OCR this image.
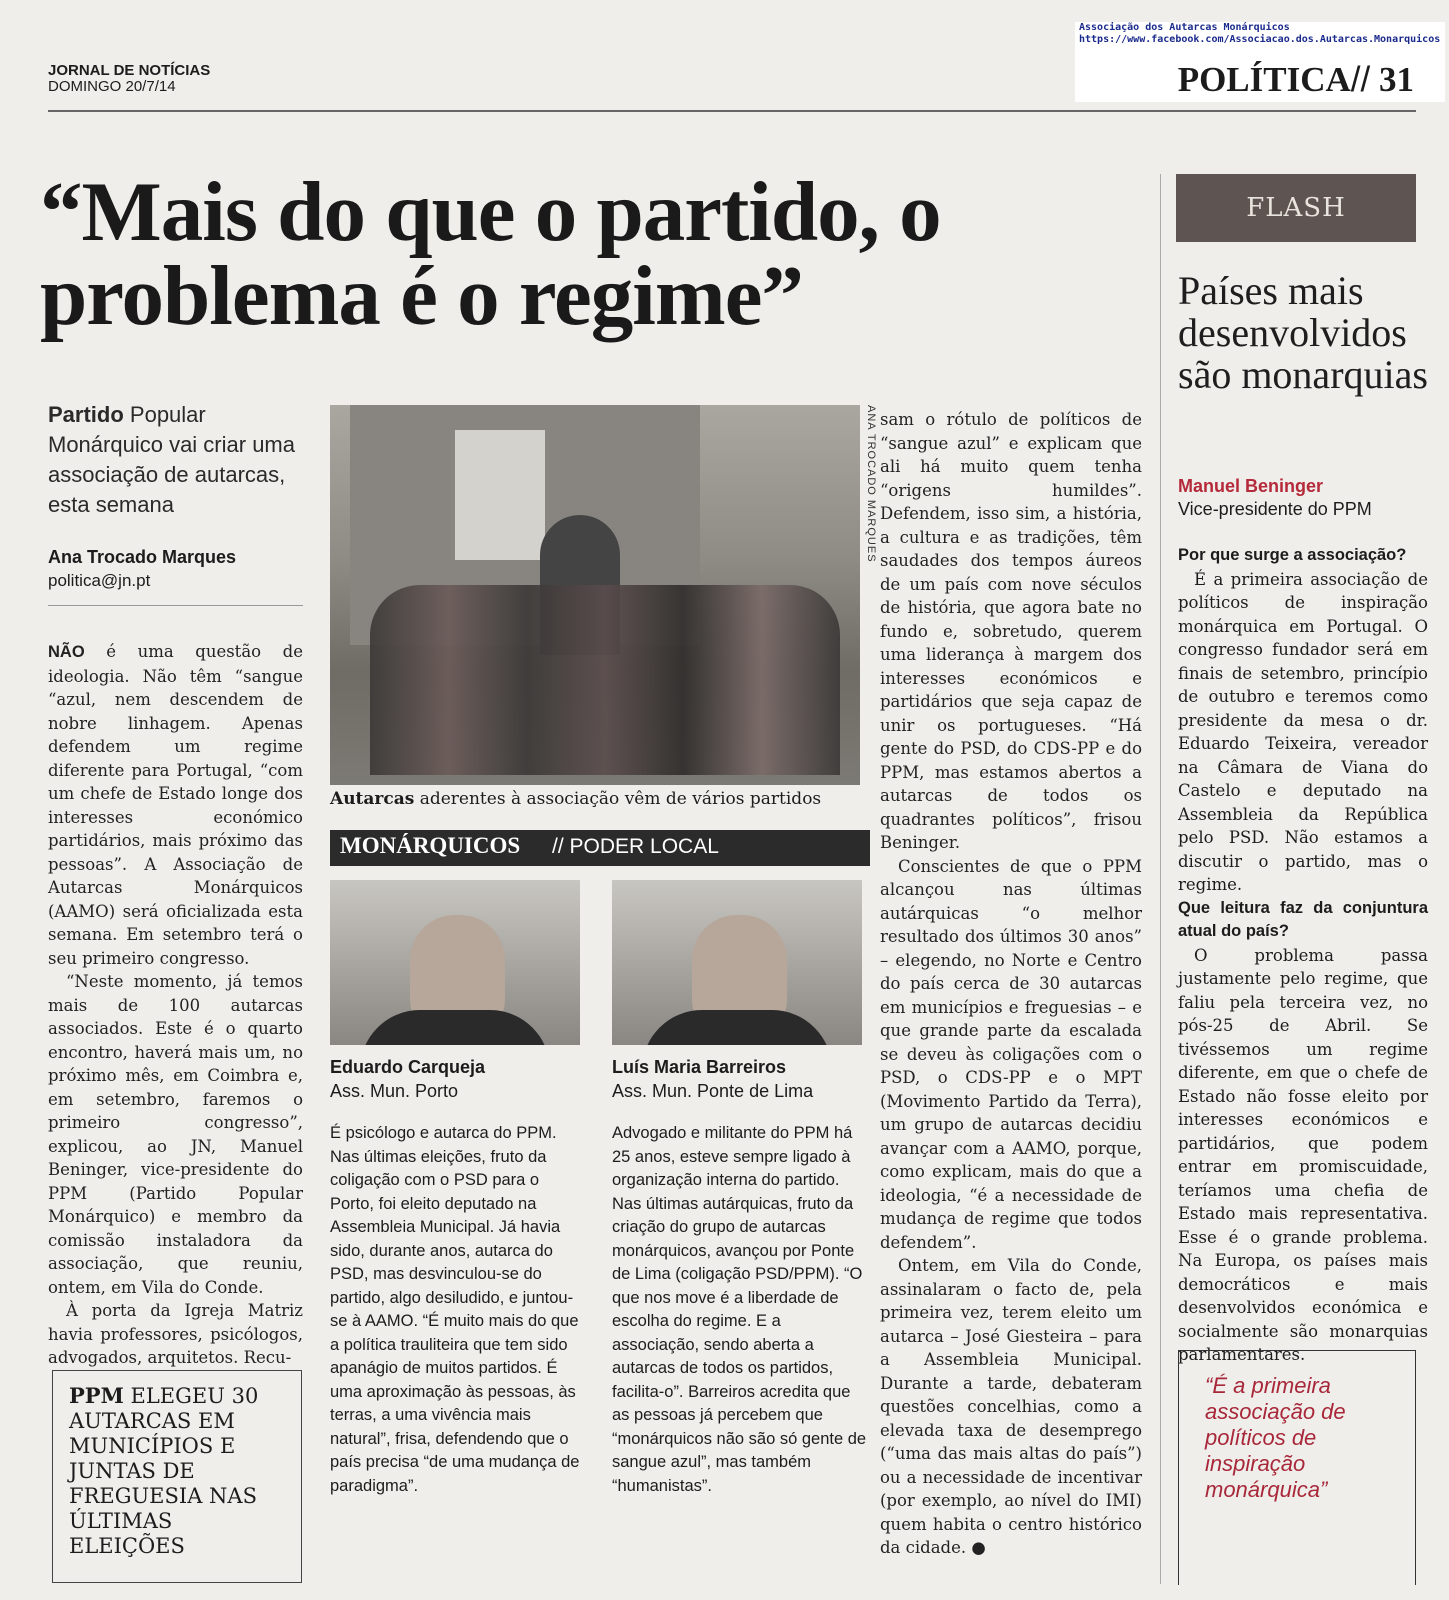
Associação dos Autarcas Monárquicos
https://www.facebook.com/Associacao.dos.Autarcas.Monarquicos
JORNAL DE NOTÍCIAS
DOMINGO 20/7/14	POLÍTICA// 31
“Mais do que o partido, o problema é o regime”
Partido Popular Monárquico vai criar uma associação de autarcas, esta semana
Ana Trocado Marques
politica@jn.pt

NÃO é uma questão de ideologia. Não têm “sangue “azul, nem descendem de nobre linhagem. Apenas defendem um regime diferente para Portugal, “com um chefe de Estado longe dos interesses económico partidários, mais próximo das pessoas”. A Associação de Autarcas Monárquicos (AAMO) será oficializada esta semana. Em setembro terá o seu primeiro congresso.

“Neste momento, já temos mais de 100 autarcas associados. Este é o quarto encontro, haverá mais um, no próximo mês, em Coimbra e, em setembro, faremos o primeiro congresso”, explicou, ao JN, Manuel Beninger, vice-presidente do PPM (Partido Popular Monárquico) e membro da comissão instaladora da associação, que reuniu, ontem, em Vila do Conde.

À porta da Igreja Matriz havia professores, psicólogos, advogados, arquitetos. Recu-

PPM ELEGEU 30 AUTARCAS EM MUNICÍPIOS E JUNTAS DE FREGUESIA NAS ÚLTIMAS ELEIÇÕES
ANA TROCADO MARQUES
Autarcas aderentes à associação vêm de vários partidos
MONÁRQUICOS // PODER LOCAL
Eduardo Carqueja
Ass. Mun. Porto
Luís Maria Barreiros
Ass. Mun. Ponte de Lima
É psicólogo e autarca do PPM. Nas últimas eleições, fruto da coligação com o PSD para o Porto, foi eleito deputado na Assembleia Municipal. Já havia sido, durante anos, autarca do PSD, mas desvinculou-se do partido, algo desiludido, e juntou-se à AAMO. “É muito mais do que a política trauliteira que tem sido apanágio de muitos partidos. É uma aproximação às pessoas, às terras, a uma vivência mais natural”, frisa, defendendo que o país precisa “de uma mudança de paradigma”.
Advogado e militante do PPM há 25 anos, esteve sempre ligado à organização interna do partido. Nas últimas autárquicas, fruto da criação do grupo de autarcas monárquicos, avançou por Ponte de Lima (coligação PSD/PPM). “O que nos move é a liberdade de escolha do regime. E a associação, sendo aberta a autarcas de todos os partidos, facilita-o”. Barreiros acredita que as pessoas já percebem que “monárquicos não são só gente de sangue azul”, mas também “humanistas”.

sam o rótulo de políticos de “sangue azul” e explicam que ali há muito quem tenha “origens humildes”. Defendem, isso sim, a história, a cultura e as tradições, têm saudades dos tempos áureos de um país com nove séculos de história, que agora bate no fundo e, sobretudo, querem uma liderança à margem dos interesses económicos e partidários que seja capaz de unir os portugueses. “Há gente do PSD, do CDS-PP e do PPM, mas estamos abertos a autarcas de todos os quadrantes políticos”, frisou Beninger.

Conscientes de que o PPM alcançou nas últimas autárquicas “o melhor resultado dos últimos 30 anos” – elegendo, no Norte e Centro do país cerca de 30 autarcas em municípios e freguesias – e que grande parte da escalada se deveu às coligações com o PSD, o CDS-PP e o MPT (Movimento Partido da Terra), um grupo de autarcas decidiu avançar com a AAMO, porque, como explicam, mais do que a ideologia, “é a necessidade de mudança de regime que todos defendem”.

Ontem, em Vila do Conde, assinalaram o facto de, pela primeira vez, terem eleito um autarca – José Giesteira – para a Assembleia Municipal. Durante a tarde, debateram questões concelhias, como a elevada taxa de desemprego (“uma das mais altas do país”) ou a necessidade de incentivar (por exemplo, ao nível do IMI) quem habita o centro histórico da cidade. ●

FLASH
Países mais desenvolvidos são monarquias
Manuel Beninger
Vice-presidente do PPM
Por que surge a associação?

É a primeira associação de políticos de inspiração monárquica em Portugal. O congresso fundador será em finais de setembro, princípio de outubro e teremos como presidente da mesa o dr. Eduardo Teixeira, vereador na Câmara de Viana do Castelo e deputado na Assembleia da República pelo PSD. Não estamos a discutir o partido, mas o regime.

Que leitura faz da conjuntura atual do país?

O problema passa justamente pelo regime, que faliu pela terceira vez, no pós-25 de Abril. Se tivéssemos um regime diferente, em que o chefe de Estado não fosse eleito por interesses económicos e partidários, que podem entrar em promiscuidade, teríamos uma chefia de Estado mais representativa. Esse é o grande problema. Na Europa, os países mais democráticos e mais desenvolvidos económica e socialmente são monarquias parlamentares.

“É a primeira associação de políticos de inspiração monárquica”
